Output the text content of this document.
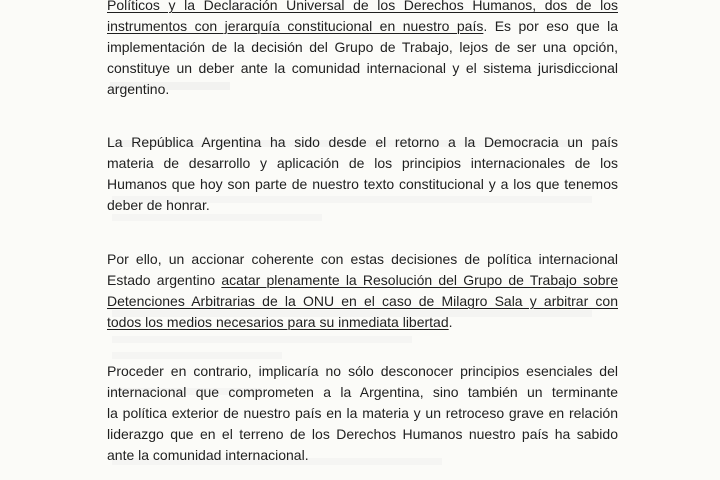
Políticos y la Declaración Universal de los Derechos Humanos, dos de los
instrumentos con jerarquía constitucional en nuestro país. Es por eso que la
implementación de la decisión del Grupo de Trabajo, lejos de ser una opción,
constituye un deber ante la comunidad internacional y el sistema jurisdiccional
argentino.
La República Argentina ha sido desde el retorno a la Democracia un país
materia de desarrollo y aplicación de los principios internacionales de los
Humanos que hoy son parte de nuestro texto constitucional y a los que tenemos
deber de honrar.
Por ello, un accionar coherente con estas decisiones de política internacional
Estado argentino acatar plenamente la Resolución del Grupo de Trabajo sobre
Detenciones Arbitrarias de la ONU en el caso de Milagro Sala y arbitrar con
todos los medios necesarios para su inmediata libertad.
Proceder en contrario, implicaría no sólo desconocer principios esenciales del
internacional que comprometen a la Argentina, sino también un terminante
la política exterior de nuestro país en la materia y un retroceso grave en relación
liderazgo que en el terreno de los Derechos Humanos nuestro país ha sabido
ante la comunidad internacional.
